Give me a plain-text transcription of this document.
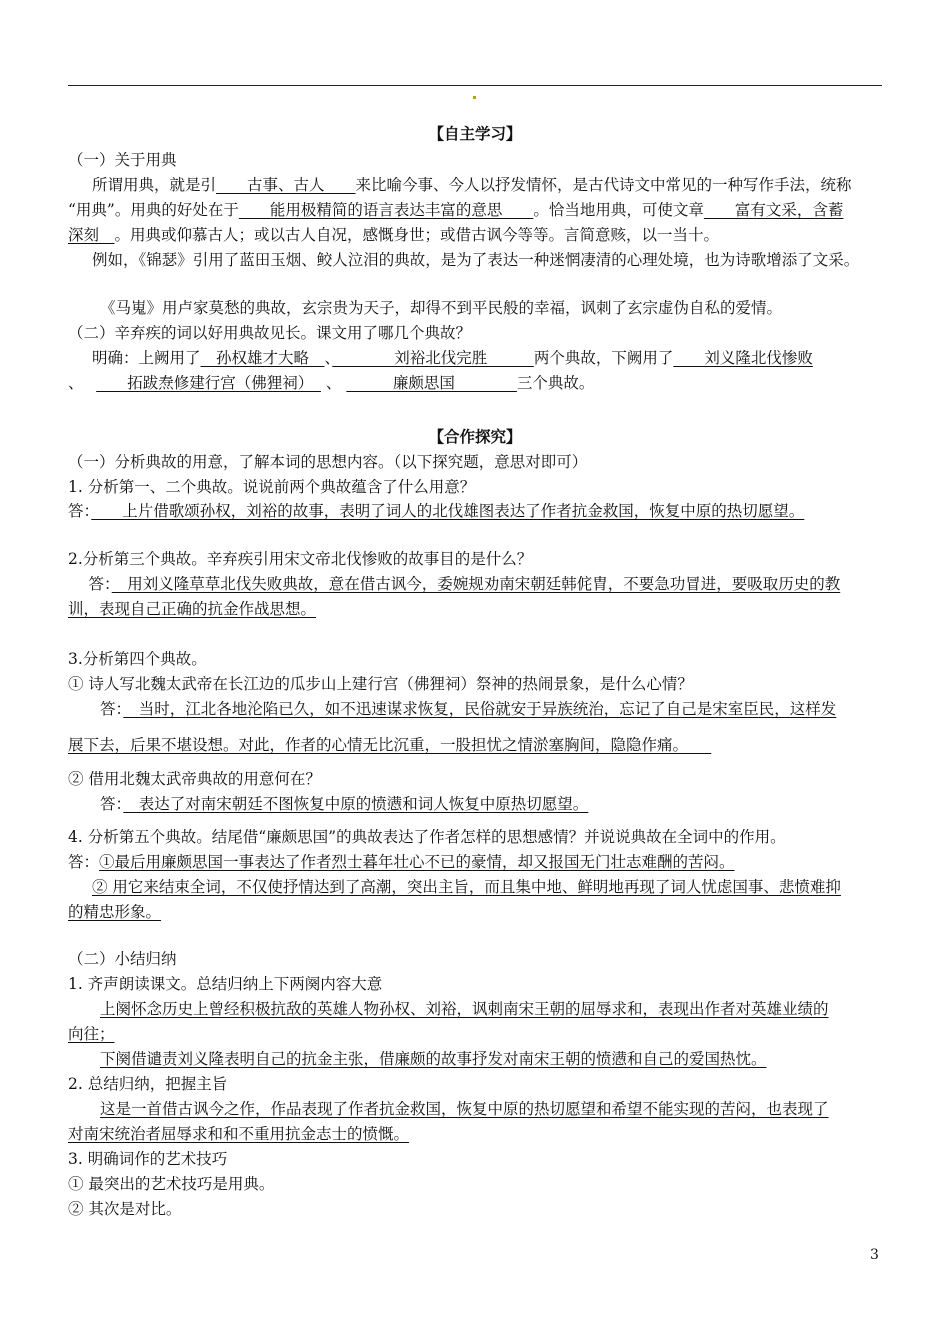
【自主学习】
（一）关于用典
所谓用典，就是引　　古事、古人　　来比喻今事、今人以抒发情怀，是古代诗文中常见的一种写作手法，统称
“用典”。用典的好处在于　　能用极精简的语言表达丰富的意思　　。恰当地用典，可使文章　　富有文采，含蓄
深刻　。用典或仰慕古人；或以古人自况，感慨身世；或借古讽今等等。言简意赅，以一当十。
例如，《锦瑟》引用了蓝田玉烟、鲛人泣泪的典故，是为了表达一种迷惘凄清的心理处境，也为诗歌增添了文采。
《马嵬》用卢家莫愁的典故，玄宗贵为天子，却得不到平民般的幸福，讽刺了玄宗虚伪自私的爱情。
（二）辛弃疾的词以好用典故见长。课文用了哪几个典故？
明确：上阙用了　孙权雄才大略　、　　　　刘裕北伐完胜　　　两个典故，下阙用了　　刘义隆北伐惨败
、　 　　拓跋焘修建行宫（佛狸祠）　 、 　　　廉颇思国　　　　三个典故。
【合作探究】
（一）分析典故的用意，了解本词的思想内容。（以下探究题，意思对即可）
1. 分析第一、二个典故。说说前两个典故蕴含了什么用意？
答：　　上片借歌颂孙权，刘裕的故事，表明了词人的北伐雄图表达了作者抗金救国，恢复中原的热切愿望。
2.分析第三个典故。辛弃疾引用宋文帝北伐惨败的故事目的是什么？
　 答：　用刘义隆草草北伐失败典故，意在借古讽今，委婉规劝南宋朝廷韩侂胄，不要急功冒进，要吸取历史的教
训，表现自己正确的抗金作战思想。
3.分析第四个典故。
① 诗人写北魏太武帝在长江边的瓜步山上建行宫（佛狸祠）祭神的热闹景象，是什么心情？
答：　当时，江北各地沦陷已久，如不迅速谋求恢复，民俗就安于异族统治，忘记了自己是宋室臣民，这样发
展下去，后果不堪设想。对此，作者的心情无比沉重，一股担忧之情淤塞胸间，隐隐作痛。　　
② 借用北魏太武帝典故的用意何在？
答：　表达了对南宋朝廷不图恢复中原的愤懑和词人恢复中原热切愿望。
4. 分析第五个典故。结尾借“廉颇思国”的典故表达了作者怎样的思想感情？并说说典故在全词中的作用。
答：①最后用廉颇思国一事表达了作者烈士暮年壮心不已的豪情，却又报国无门壮志难酬的苦闷。
② 用它来结束全词，不仅使抒情达到了高潮，突出主旨，而且集中地、鲜明地再现了词人忧虑国事、悲愤难抑
的精忠形象。
（二）小结归纳
1. 齐声朗读课文。总结归纳上下两阕内容大意
上阕怀念历史上曾经积极抗敌的英雄人物孙权、刘裕，讽刺南宋王朝的屈辱求和，表现出作者对英雄业绩的
向往；
下阕借谴责刘义隆表明自己的抗金主张，借廉颇的故事抒发对南宋王朝的愤懑和自己的爱国热忱。
2. 总结归纳，把握主旨
这是一首借古讽今之作，作品表现了作者抗金救国，恢复中原的热切愿望和希望不能实现的苦闷，也表现了
对南宋统治者屈辱求和和不重用抗金志士的愤慨。
3. 明确词作的艺术技巧
① 最突出的艺术技巧是用典。
② 其次是对比。
3
